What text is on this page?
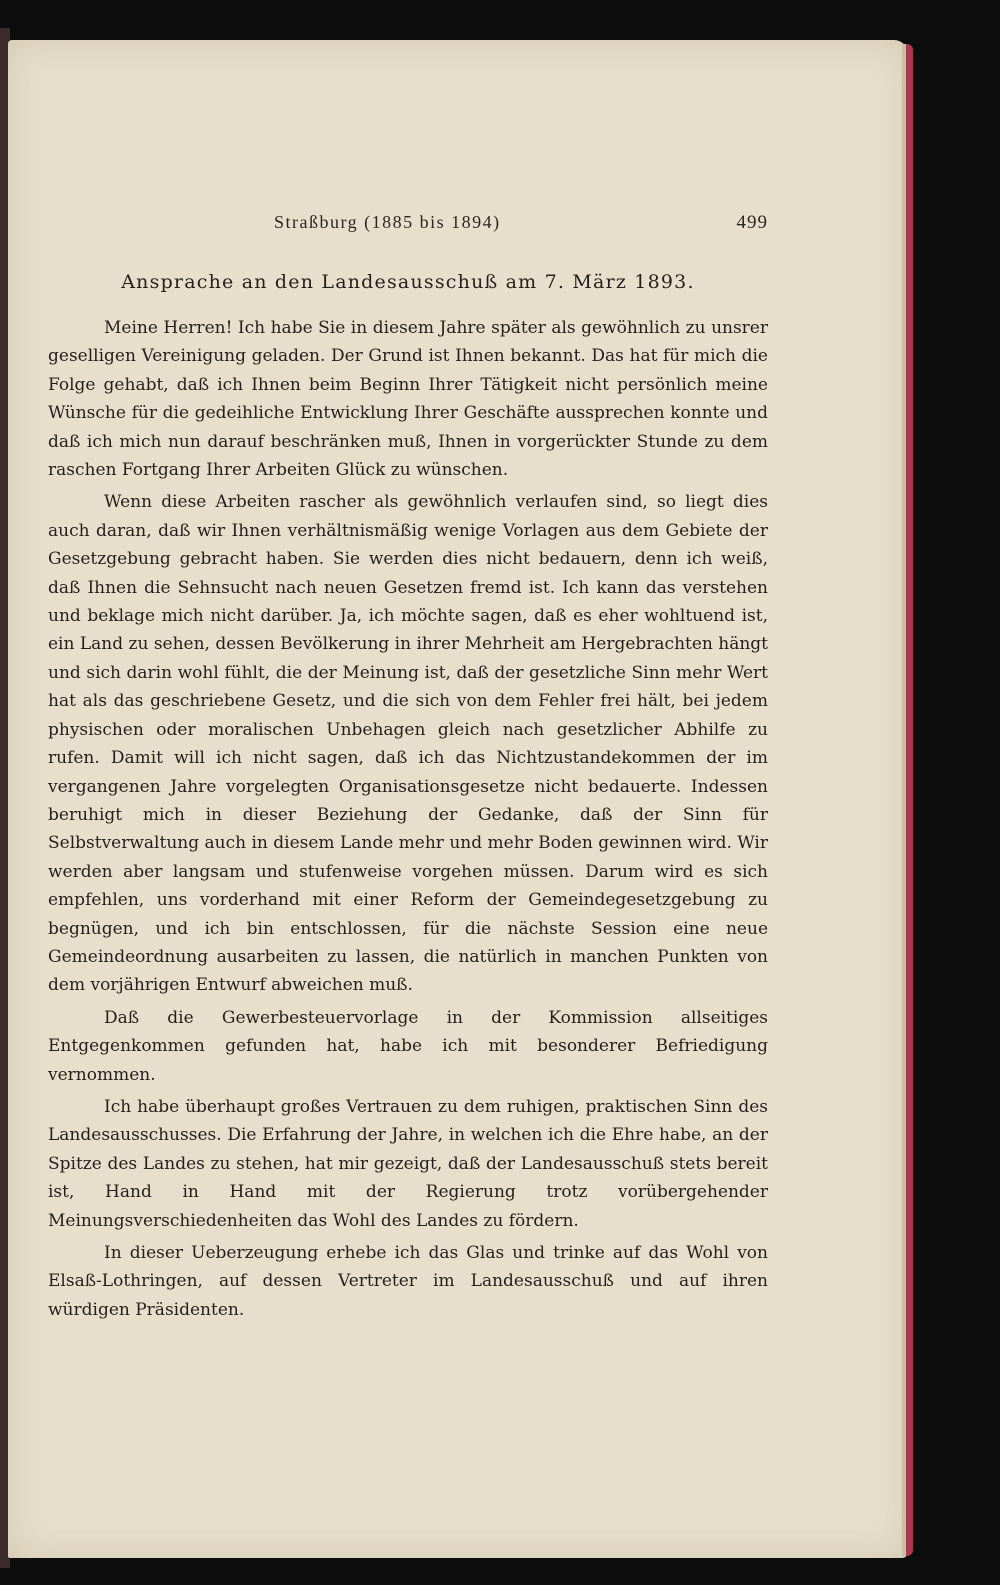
Straßburg (1885 bis 1894)	499
Ansprache an den Landesausschuß am 7. März 1893.

Meine Herren! Ich habe Sie in diesem Jahre später als gewöhnlich zu unsrer geselligen Vereinigung geladen. Der Grund ist Ihnen bekannt. Das hat für mich die Folge gehabt, daß ich Ihnen beim Beginn Ihrer Tätigkeit nicht persönlich meine Wünsche für die gedeihliche Entwicklung Ihrer Geschäfte aussprechen konnte und daß ich mich nun darauf beschränken muß, Ihnen in vorgerückter Stunde zu dem raschen Fortgang Ihrer Arbeiten Glück zu wünschen.

Wenn diese Arbeiten rascher als gewöhnlich verlaufen sind, so liegt dies auch daran, daß wir Ihnen verhältnismäßig wenige Vorlagen aus dem Gebiete der Gesetzgebung gebracht haben. Sie werden dies nicht bedauern, denn ich weiß, daß Ihnen die Sehnsucht nach neuen Gesetzen fremd ist. Ich kann das verstehen und beklage mich nicht darüber. Ja, ich möchte sagen, daß es eher wohltuend ist, ein Land zu sehen, dessen Bevölkerung in ihrer Mehrheit am Hergebrachten hängt und sich darin wohl fühlt, die der Meinung ist, daß der gesetzliche Sinn mehr Wert hat als das geschriebene Gesetz, und die sich von dem Fehler frei hält, bei jedem physischen oder moralischen Unbehagen gleich nach gesetzlicher Abhilfe zu rufen. Damit will ich nicht sagen, daß ich das Nichtzustandekommen der im vergangenen Jahre vorgelegten Organisationsgesetze nicht bedauerte. Indessen beruhigt mich in dieser Beziehung der Gedanke, daß der Sinn für Selbstverwaltung auch in diesem Lande mehr und mehr Boden gewinnen wird. Wir werden aber langsam und stufenweise vorgehen müssen. Darum wird es sich empfehlen, uns vorderhand mit einer Reform der Gemeindegesetzgebung zu begnügen, und ich bin entschlossen, für die nächste Session eine neue Gemeindeordnung ausarbeiten zu lassen, die natürlich in manchen Punkten von dem vorjährigen Entwurf abweichen muß.

Daß die Gewerbesteuervorlage in der Kommission allseitiges Entgegenkommen gefunden hat, habe ich mit besonderer Befriedigung vernommen.

Ich habe überhaupt großes Vertrauen zu dem ruhigen, praktischen Sinn des Landesausschusses. Die Erfahrung der Jahre, in welchen ich die Ehre habe, an der Spitze des Landes zu stehen, hat mir gezeigt, daß der Landesausschuß stets bereit ist, Hand in Hand mit der Regierung trotz vorübergehender Meinungsverschiedenheiten das Wohl des Landes zu fördern.

In dieser Ueberzeugung erhebe ich das Glas und trinke auf das Wohl von Elsaß-Lothringen, auf dessen Vertreter im Landesausschuß und auf ihren würdigen Präsidenten.
